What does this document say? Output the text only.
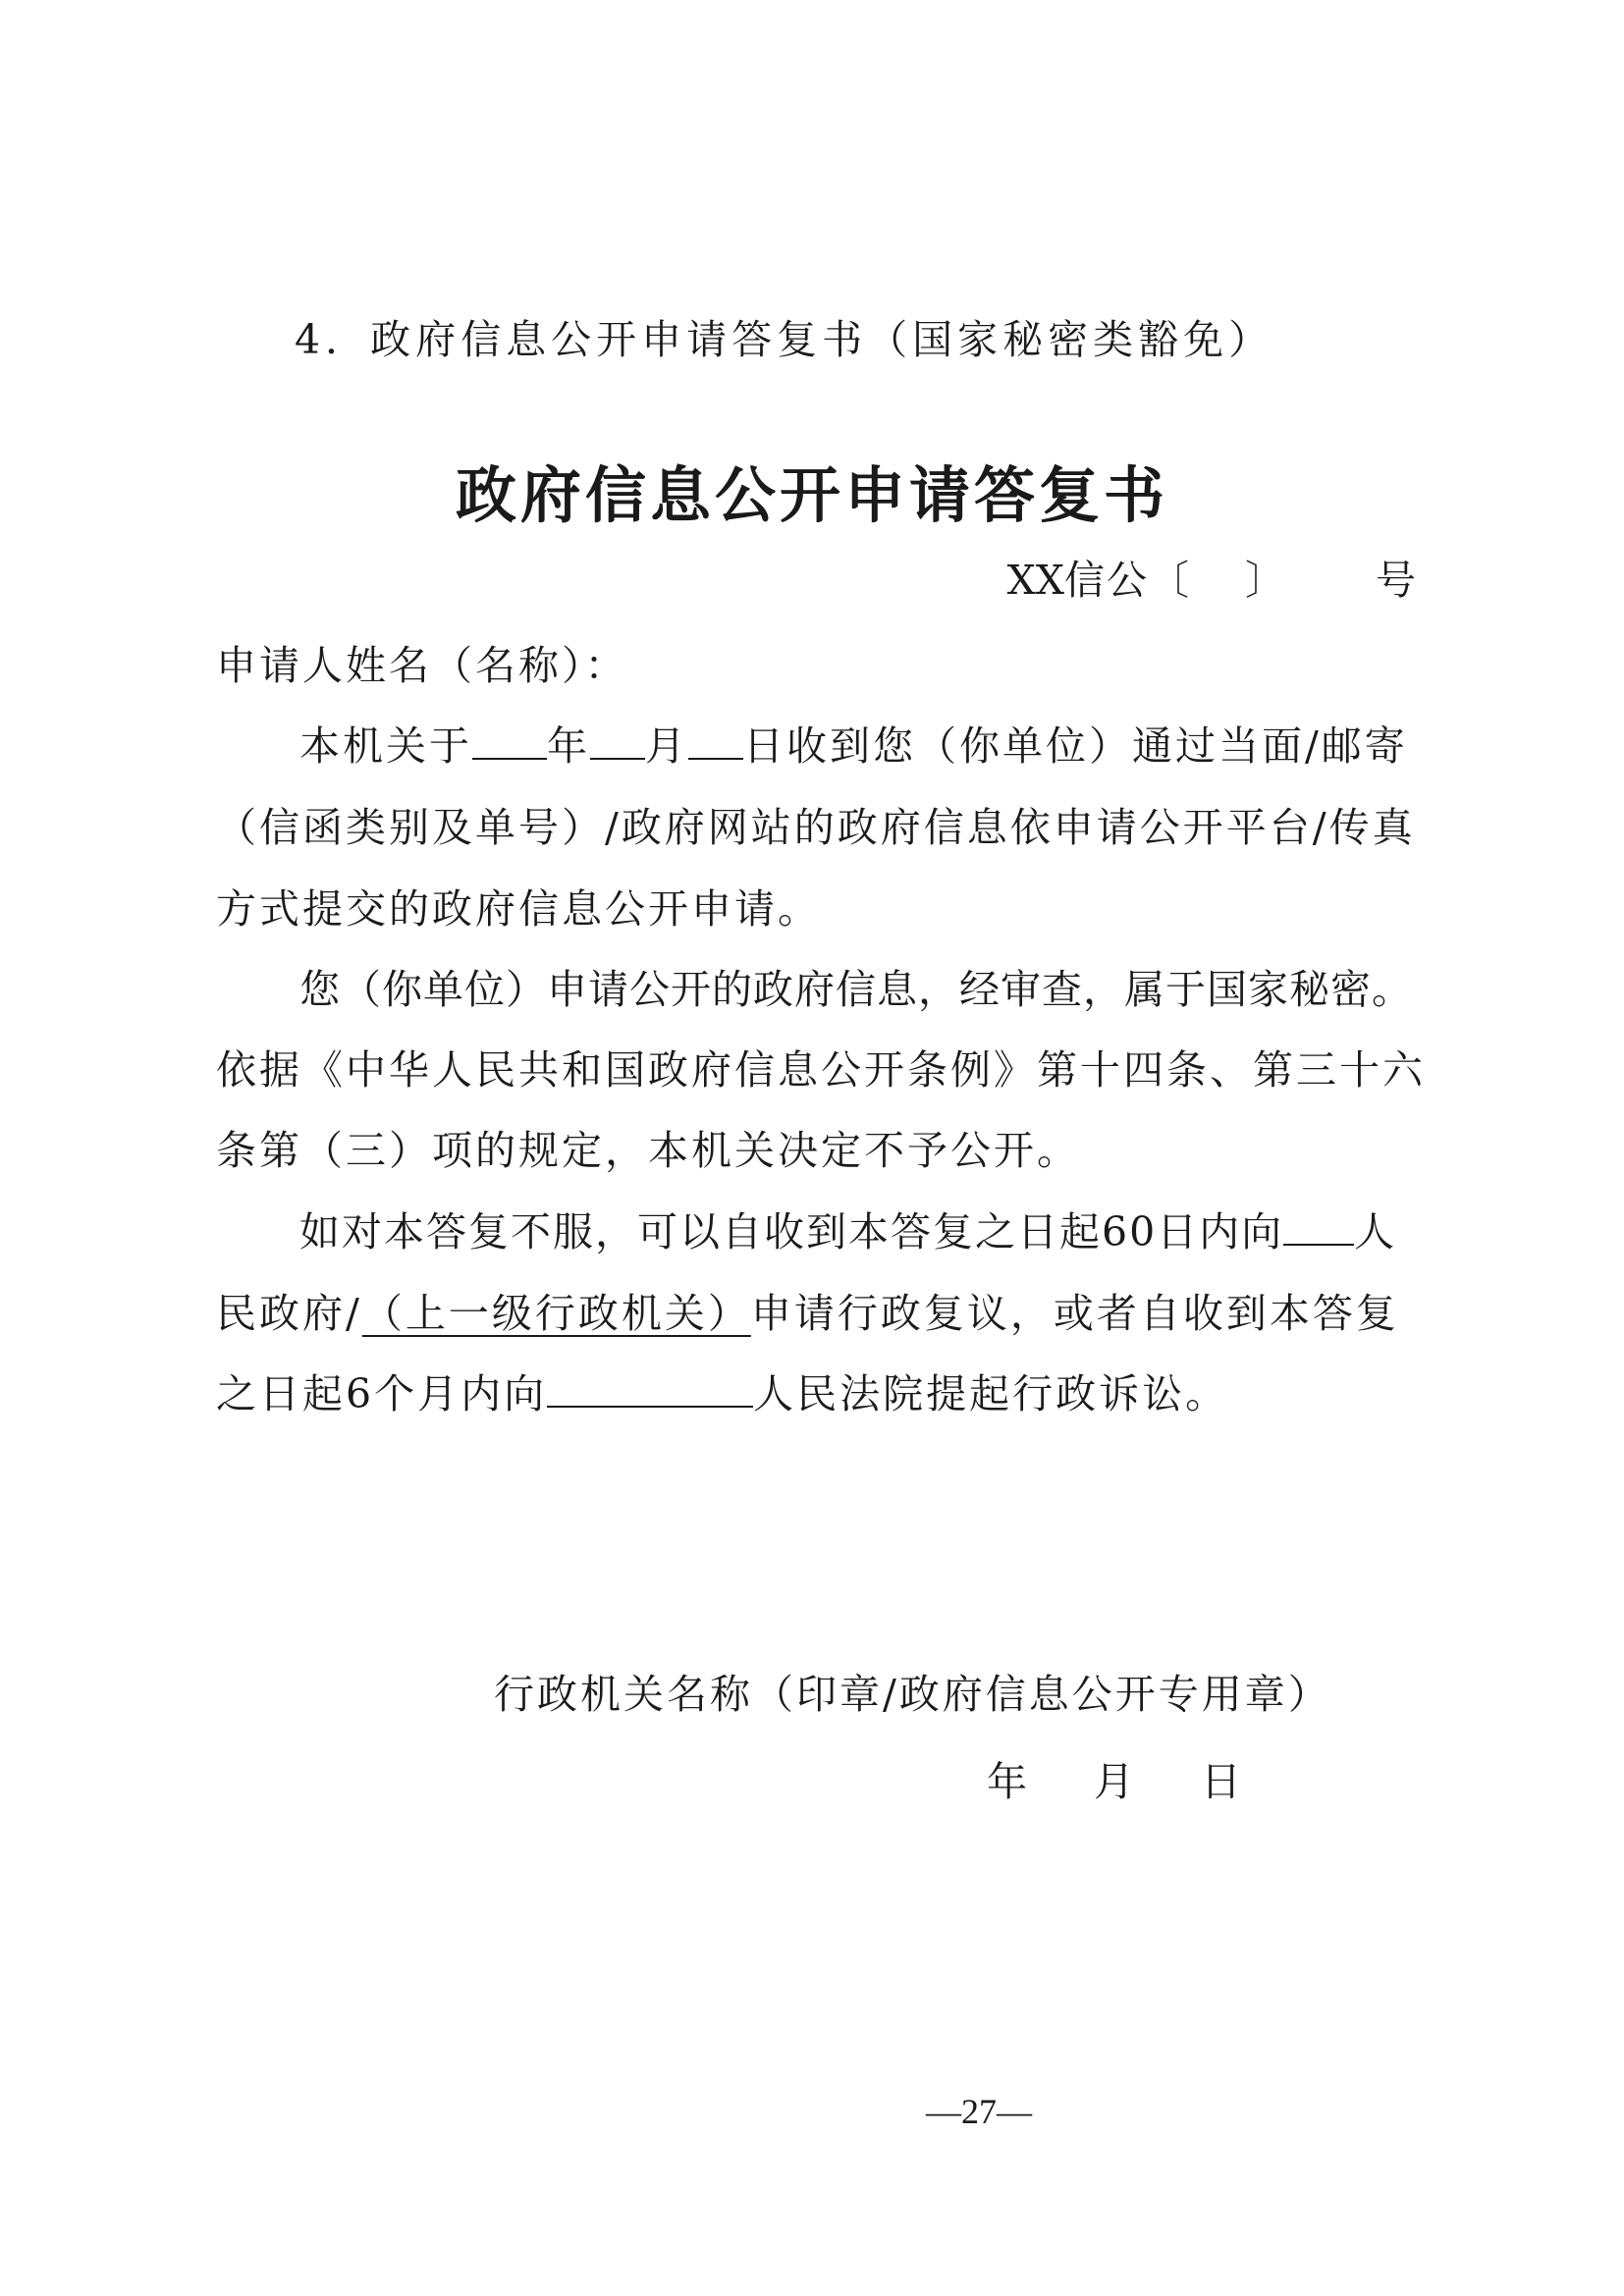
4．政府信息公开申请答复书（国家秘密类豁免）
政府信息公开申请答复书
XX信公〔 〕 号
申请人姓名（名称）：
本机关于 年 月 日收到您（你单位）通过当面/邮寄
（信函类别及单号）/政府网站的政府信息依申请公开平台/传真
方式提交的政府信息公开申请。
您（你单位）申请公开的政府信息，经审查，属于国家秘密。
依据《中华人民共和国政府信息公开条例》第十四条、第三十六
条第（三）项的规定，本机关决定不予公开。
如对本答复不服，可以自收到本答复之日起60日内向 人
民政府/（上一级行政机关）申请行政复议，或者自收到本答复
之日起6个月内向	人民法院提起行政诉讼。
行政机关名称（印章/政府信息公开专用章）
年 月 日
—27—
